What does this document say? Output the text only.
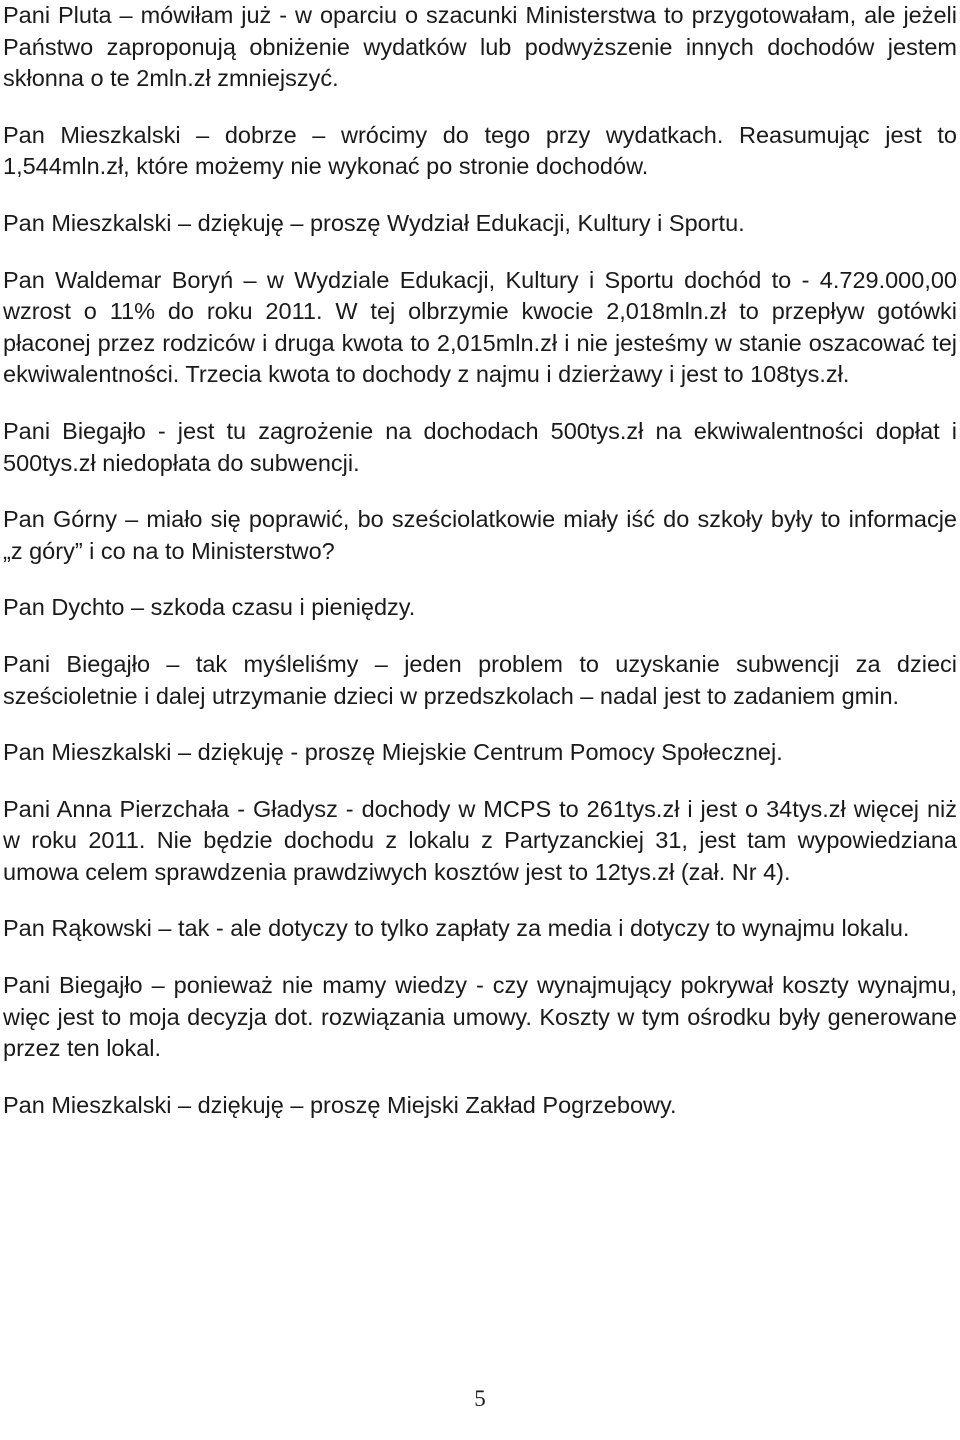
Pani Pluta – mówiłam już - w oparciu o szacunki Ministerstwa to przygotowałam, ale jeżeli Państwo zaproponują obniżenie wydatków lub podwyższenie innych dochodów jestem skłonna o te 2mln.zł zmniejszyć.

Pan Mieszkalski – dobrze – wrócimy do tego przy wydatkach. Reasumując jest to 1,544mln.zł, które możemy nie wykonać po stronie dochodów.

Pan Mieszkalski – dziękuję – proszę Wydział Edukacji, Kultury i Sportu.

Pan Waldemar Boryń – w Wydziale Edukacji, Kultury i Sportu dochód to - 4.729.000,00 wzrost o 11% do roku 2011. W tej olbrzymie kwocie 2,018mln.zł to przepływ gotówki płaconej przez rodziców i druga kwota to 2,015mln.zł i nie jesteśmy w stanie oszacować tej ekwiwalentności. Trzecia kwota to dochody z najmu i dzierżawy i jest to 108tys.zł.

Pani Biegajło - jest tu zagrożenie na dochodach 500tys.zł na ekwiwalentności dopłat i 500tys.zł niedopłata do subwencji.

Pan Górny – miało się poprawić, bo sześciolatkowie miały iść do szkoły były to informacje „z góry” i co na to Ministerstwo?

Pan Dychto – szkoda czasu i pieniędzy.

Pani Biegajło – tak myśleliśmy – jeden problem to uzyskanie subwencji za dzieci sześcioletnie i dalej utrzymanie dzieci w przedszkolach – nadal jest to zadaniem gmin.

Pan Mieszkalski – dziękuję - proszę Miejskie Centrum Pomocy Społecznej.

Pani Anna Pierzchała - Gładysz - dochody w MCPS to 261tys.zł i jest o 34tys.zł więcej niż w roku 2011. Nie będzie dochodu z lokalu z Partyzanckiej 31, jest tam wypowiedziana umowa celem sprawdzenia prawdziwych kosztów jest to 12tys.zł (zał. Nr 4).

Pan Rąkowski – tak - ale dotyczy to tylko zapłaty za media i dotyczy to wynajmu lokalu.

Pani Biegajło – ponieważ nie mamy wiedzy - czy wynajmujący pokrywał koszty wynajmu, więc jest to moja decyzja dot. rozwiązania umowy. Koszty w tym ośrodku były generowane przez ten lokal.

Pan Mieszkalski – dziękuję – proszę Miejski Zakład Pogrzebowy.

5
